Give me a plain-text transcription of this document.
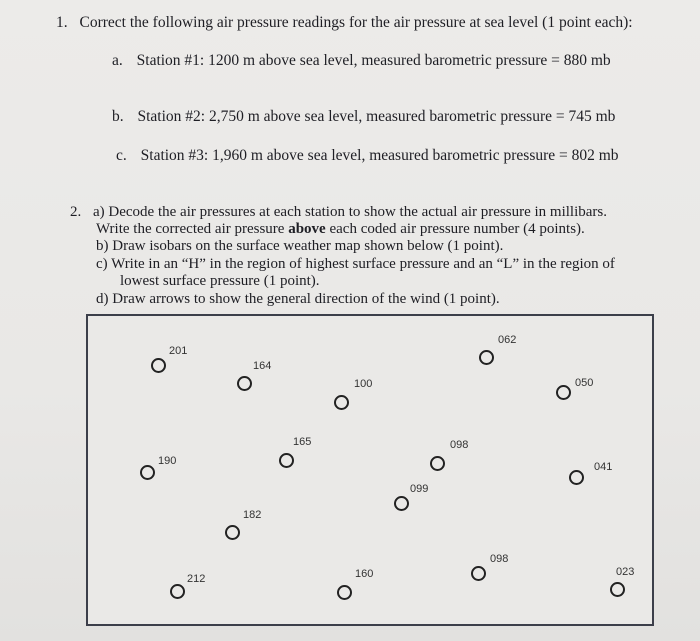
1. Correct the following air pressure readings for the air pressure at sea level (1 point each):
a. Station #1: 1200 m above sea level, measured barometric pressure = 880 mb
b. Station #2: 2,750 m above sea level, measured barometric pressure = 745 mb
c. Station #3: 1,960 m above sea level, measured barometric pressure = 802 mb
2. a) Decode the air pressures at each station to show the actual air pressure in millibars.
Write the corrected air pressure above each coded air pressure number (4 points).
b) Draw isobars on the surface weather map shown below (1 point).
c) Write in an “H” in the region of highest surface pressure and an “L” in the region of
lowest surface pressure (1 point).
d) Draw arrows to show the general direction of the wind (1 point).
201
164
100
062
050
190
165	098
041
099
182
098
212	160	023
